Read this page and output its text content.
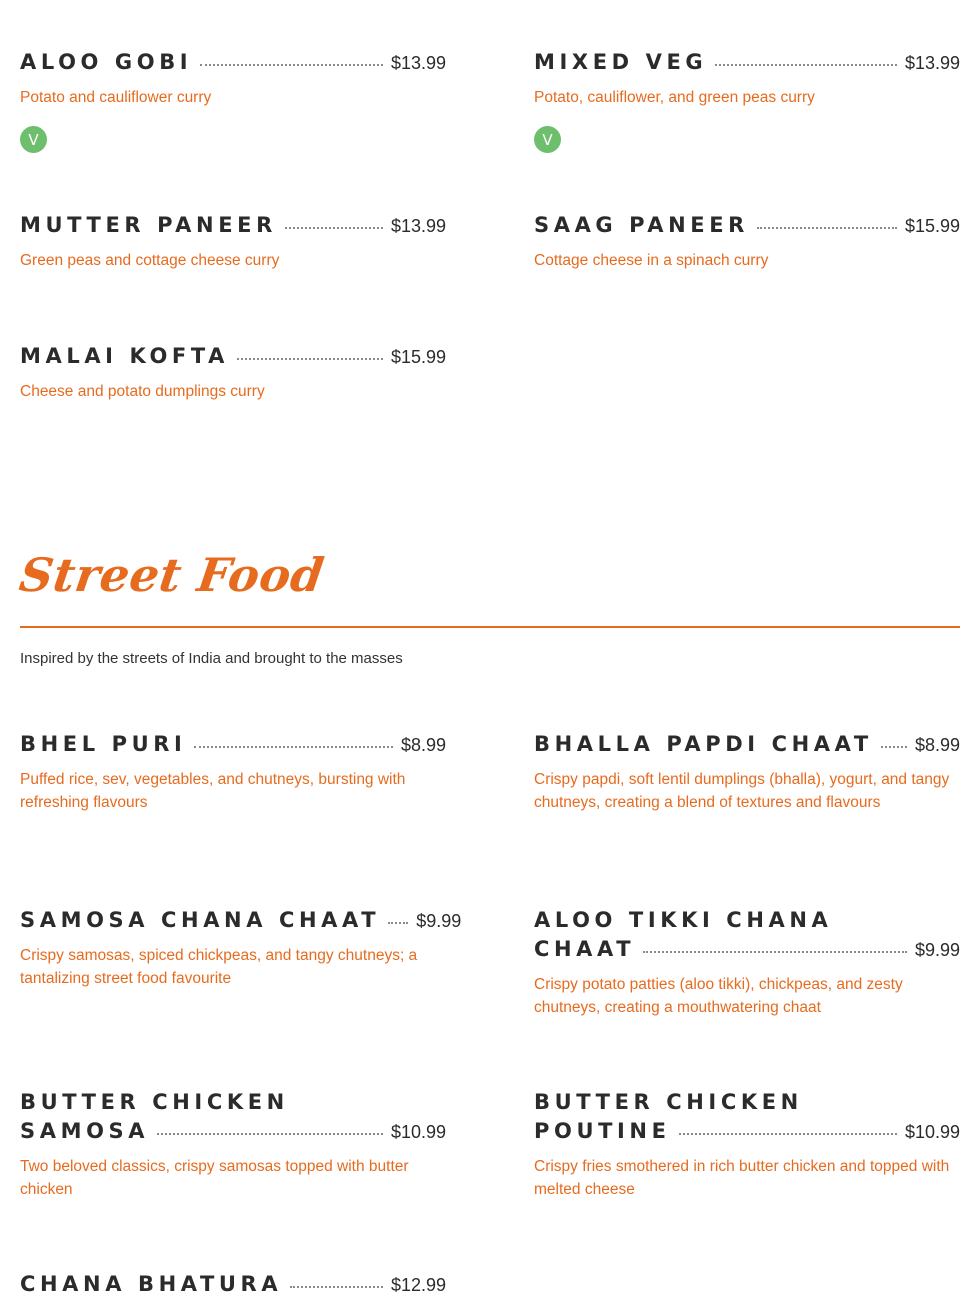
ALOO GOBI	$13.99
Potato and cauliflower curry
V
MIXED VEG	$13.99
Potato, cauliflower, and green peas curry
V
MUTTER PANEER	$13.99
Green peas and cottage cheese curry
SAAG PANEER	$15.99
Cottage cheese in a spinach curry
MALAI KOFTA	$15.99
Cheese and potato dumplings curry
Street Food
Inspired by the streets of India and brought to the masses
BHEL PURI	$8.99
Puffed rice, sev, vegetables, and chutneys, bursting with refreshing flavours
BHALLA PAPDI CHAAT $8.99
Crispy papdi, soft lentil dumplings (bhalla), yogurt, and tangy chutneys, creating a blend of textures and flavours
SAMOSA CHANA CHAAT $9.99
Crispy samosas, spiced chickpeas, and tangy chutneys; a tantalizing street food favourite
ALOO TIKKI CHANA
CHAAT	$9.99
Crispy potato patties (aloo tikki), chickpeas, and zesty chutneys, creating a mouthwatering chaat
BUTTER CHICKEN
SAMOSA	$10.99
Two beloved classics, crispy samosas topped with butter chicken
BUTTER CHICKEN
POUTINE	$10.99
Crispy fries smothered in rich butter chicken and topped with melted cheese
CHANA BHATURA	$12.99
